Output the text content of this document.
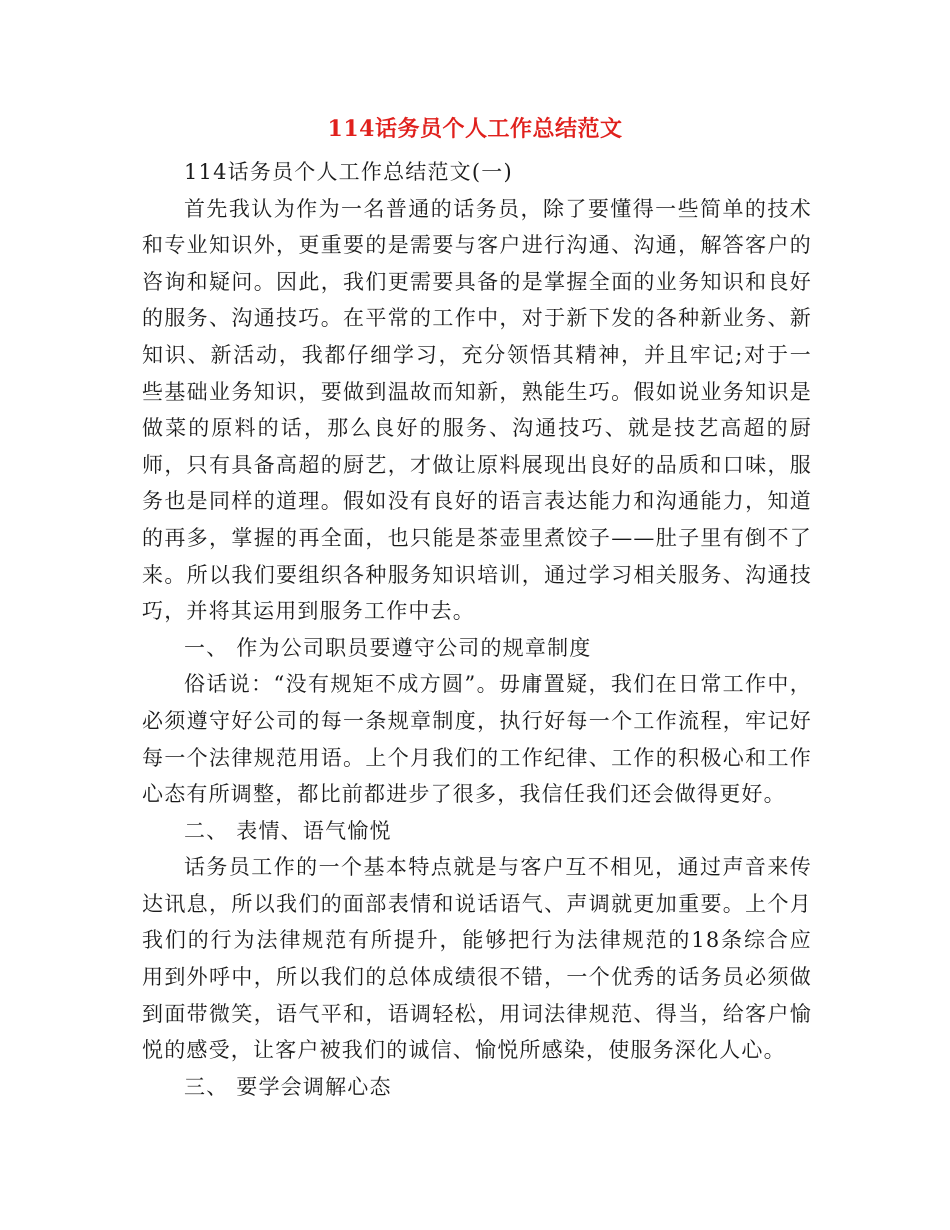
114话务员个人工作总结范文

114话务员个人工作总结范文(一)

首先我认为作为一名普通的话务员，除了要懂得一些简单的技术和专业知识外，更重要的是需要与客户进行沟通、沟通，解答客户的咨询和疑问。因此，我们更需要具备的是掌握全面的业务知识和良好的服务、沟通技巧。在平常的工作中，对于新下发的各种新业务、新知识、新活动，我都仔细学习，充分领悟其精神，并且牢记;对于一些基础业务知识，要做到温故而知新，熟能生巧。假如说业务知识是做菜的原料的话，那么良好的服务、沟通技巧、就是技艺高超的厨师，只有具备高超的厨艺，才做让原料展现出良好的品质和口味，服务也是同样的道理。假如没有良好的语言表达能力和沟通能力，知道的再多，掌握的再全面，也只能是茶壶里煮饺子——肚子里有倒不了来。所以我们要组织各种服务知识培训，通过学习相关服务、沟通技巧，并将其运用到服务工作中去。

一、 作为公司职员要遵守公司的规章制度

俗话说：“没有规矩不成方圆”。毋庸置疑，我们在日常工作中，必须遵守好公司的每一条规章制度，执行好每一个工作流程，牢记好每一个法律规范用语。上个月我们的工作纪律、工作的积极心和工作心态有所调整，都比前都进步了很多，我信任我们还会做得更好。

二、 表情、语气愉悦

话务员工作的一个基本特点就是与客户互不相见，通过声音来传达讯息，所以我们的面部表情和说话语气、声调就更加重要。上个月我们的行为法律规范有所提升，能够把行为法律规范的18条综合应用到外呼中，所以我们的总体成绩很不错，一个优秀的话务员必须做到面带微笑，语气平和，语调轻松，用词法律规范、得当，给客户愉悦的感受，让客户被我们的诚信、愉悦所感染，使服务深化人心。

三、 要学会调解心态
